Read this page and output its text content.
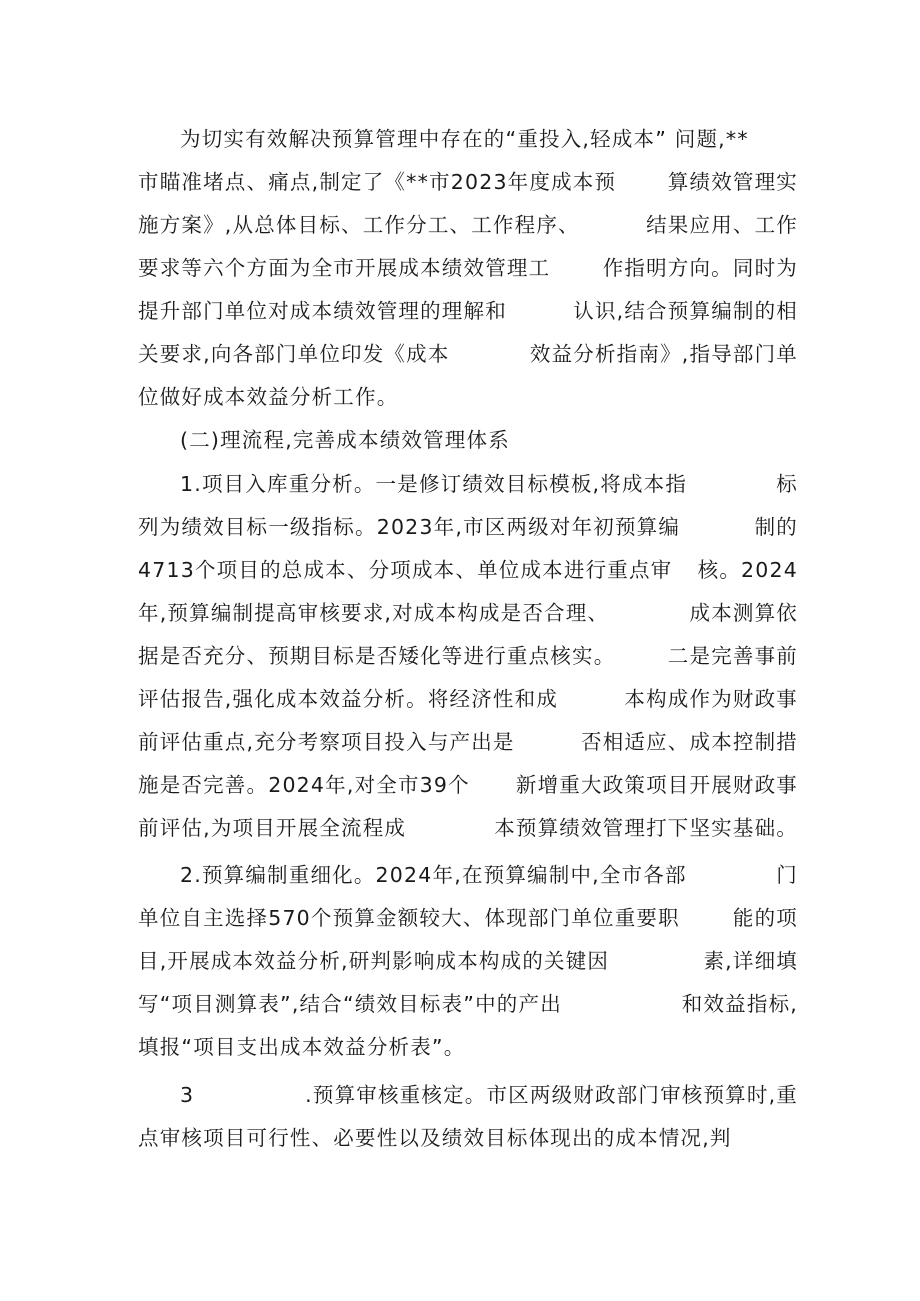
为切实有效解决预算管理中存在的“重投入,轻成本” 问题,**
市瞄准堵点、痛点,制定了《**市2023年度成本预	算绩效管理实
施方案》,从总体目标、工作分工、工作程序、	结果应用、工作
要求等六个方面为全市开展成本绩效管理工	作指明方向。同时为
提升部门单位对成本绩效管理的理解和	认识,结合预算编制的相
关要求,向各部门单位印发《成本	效益分析指南》,指导部门单
位做好成本效益分析工作。
(二)理流程,完善成本绩效管理体系
1.项目入库重分析。一是修订绩效目标模板,将成本指	标
列为绩效目标一级指标。2023年,市区两级对年初预算编	制的
4713个项目的总成本、分项成本、单位成本进行重点审 核。2024
年,预算编制提高审核要求,对成本构成是否合理、	成本测算依
据是否充分、预期目标是否矮化等进行重点核实。	二是完善事前
评估报告,强化成本效益分析。将经济性和成	本构成作为财政事
前评估重点,充分考察项目投入与产出是	否相适应、成本控制措
施是否完善。2024年,对全市39个 新增重大政策项目开展财政事
前评估,为项目开展全流程成	本预算绩效管理打下坚实基础。
2.预算编制重细化。2024年,在预算编制中,全市各部	门
单位自主选择570个预算金额较大、体现部门单位重要职	能的项
目,开展成本效益分析,研判影响成本构成的关键因	素,详细填
写“项目测算表”,结合“绩效目标表”中的产出	和效益指标,
填报“项目支出成本效益分析表”。
3	.预算审核重核定。市区两级财政部门审核预算时,重
点审核项目可行性、必要性以及绩效目标体现出的成本情况,判
